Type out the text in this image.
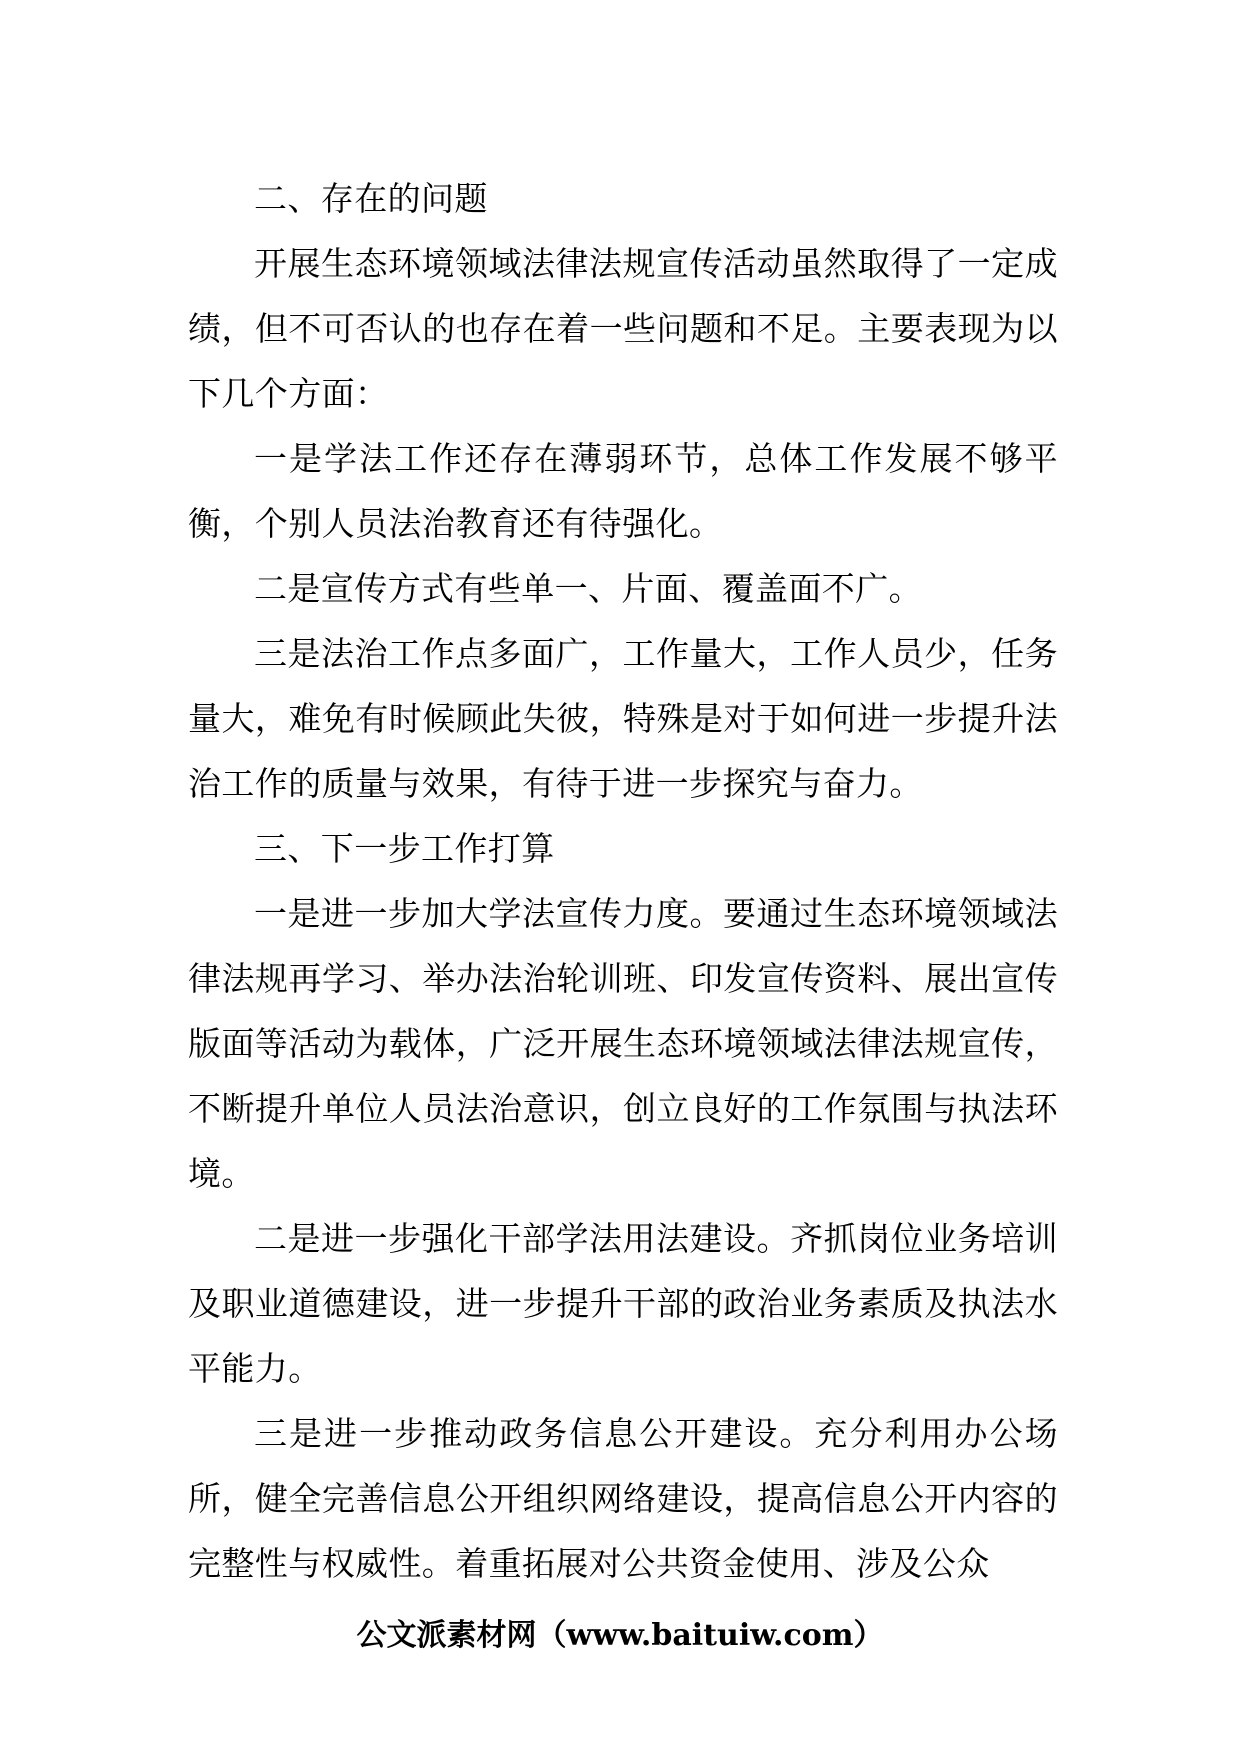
二、存在的问题

开展生态环境领域法律法规宣传活动虽然取得了一定成绩，但不可否认的也存在着一些问题和不足。主要表现为以下几个方面：

一是学法工作还存在薄弱环节，总体工作发展不够平衡，个别人员法治教育还有待强化。

二是宣传方式有些单一、片面、覆盖面不广。

三是法治工作点多面广，工作量大，工作人员少，任务量大，难免有时候顾此失彼，特殊是对于如何进一步提升法治工作的质量与效果，有待于进一步探究与奋力。

三、下一步工作打算

一是进一步加大学法宣传力度。要通过生态环境领域法律法规再学习、举办法治轮训班、印发宣传资料、展出宣传版面等活动为载体，广泛开展生态环境领域法律法规宣传，不断提升单位人员法治意识，创立良好的工作氛围与执法环境。

二是进一步强化干部学法用法建设。齐抓岗位业务培训及职业道德建设，进一步提升干部的政治业务素质及执法水平能力。

三是进一步推动政务信息公开建设。充分利用办公场所，健全完善信息公开组织网络建设，提高信息公开内容的完整性与权威性。着重拓展对公共资金使用、涉及公众

公文派素材网（www.baituiw.com）
